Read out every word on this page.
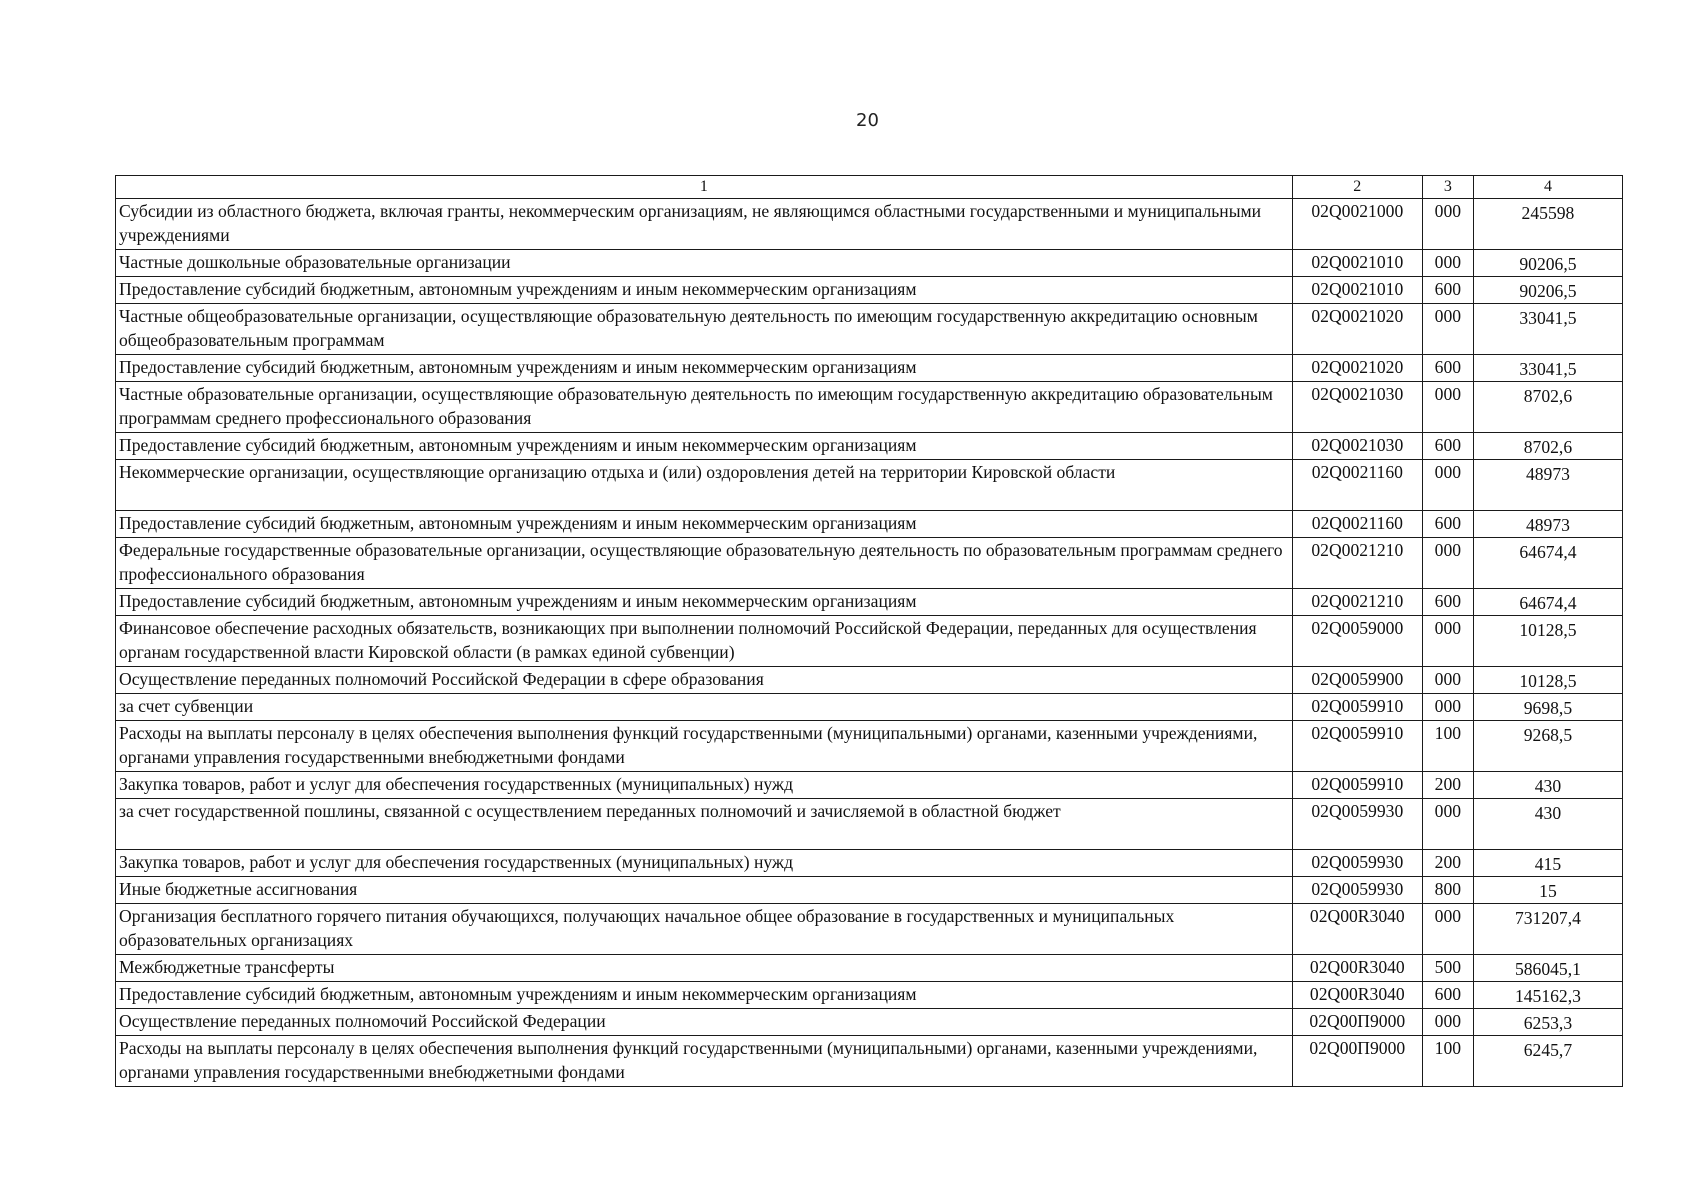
20
1	2	3	4
Субсидии из областного бюджета, включая гранты, некоммерческим организациям, не являющимся областными государственными и муниципальными учреждениями	02Q0021000	000	245598
Частные дошкольные образовательные организации	02Q0021010	000	90206,5
Предоставление субсидий бюджетным, автономным учреждениям и иным некоммерческим организациям	02Q0021010	600	90206,5
Частные общеобразовательные организации, осуществляющие образовательную деятельность по имеющим государственную аккредитацию основным общеобразовательным программам	02Q0021020	000	33041,5
Предоставление субсидий бюджетным, автономным учреждениям и иным некоммерческим организациям	02Q0021020	600	33041,5
Частные образовательные организации, осуществляющие образовательную деятельность по имеющим государственную аккредитацию образовательным программам среднего профессионального образования	02Q0021030	000	8702,6
Предоставление субсидий бюджетным, автономным учреждениям и иным некоммерческим организациям	02Q0021030	600	8702,6
Некоммерческие организации, осуществляющие организацию отдыха и (или) оздоровления детей на территории Кировской области	02Q0021160	000	48973
Предоставление субсидий бюджетным, автономным учреждениям и иным некоммерческим организациям	02Q0021160	600	48973
Федеральные государственные образовательные организации, осуществляющие образовательную деятельность по образовательным программам среднего профессионального образования	02Q0021210	000	64674,4
Предоставление субсидий бюджетным, автономным учреждениям и иным некоммерческим организациям	02Q0021210	600	64674,4
Финансовое обеспечение расходных обязательств, возникающих при выполнении полномочий Российской Федерации, переданных для осуществления органам государственной власти Кировской области (в рамках единой субвенции)	02Q0059000	000	10128,5
Осуществление переданных полномочий Российской Федерации в сфере образования	02Q0059900	000	10128,5
за счет субвенции	02Q0059910	000	9698,5
Расходы на выплаты персоналу в целях обеспечения выполнения функций государственными (муниципальными) органами, казенными учреждениями, органами управления государственными внебюджетными фондами	02Q0059910	100	9268,5
Закупка товаров, работ и услуг для обеспечения государственных (муниципальных) нужд	02Q0059910	200	430
за счет государственной пошлины, связанной с осуществлением переданных полномочий и зачисляемой в областной бюджет	02Q0059930	000	430
Закупка товаров, работ и услуг для обеспечения государственных (муниципальных) нужд	02Q0059930	200	415
Иные бюджетные ассигнования	02Q0059930	800	15
Организация бесплатного горячего питания обучающихся, получающих начальное общее образование в государственных и муниципальных образовательных организациях	02Q00R3040	000	731207,4
Межбюджетные трансферты	02Q00R3040	500	586045,1
Предоставление субсидий бюджетным, автономным учреждениям и иным некоммерческим организациям	02Q00R3040	600	145162,3
Осуществление переданных полномочий Российской Федерации	02Q00П9000	000	6253,3
Расходы на выплаты персоналу в целях обеспечения выполнения функций государственными (муниципальными) органами, казенными учреждениями, органами управления государственными внебюджетными фондами	02Q00П9000	100	6245,7
